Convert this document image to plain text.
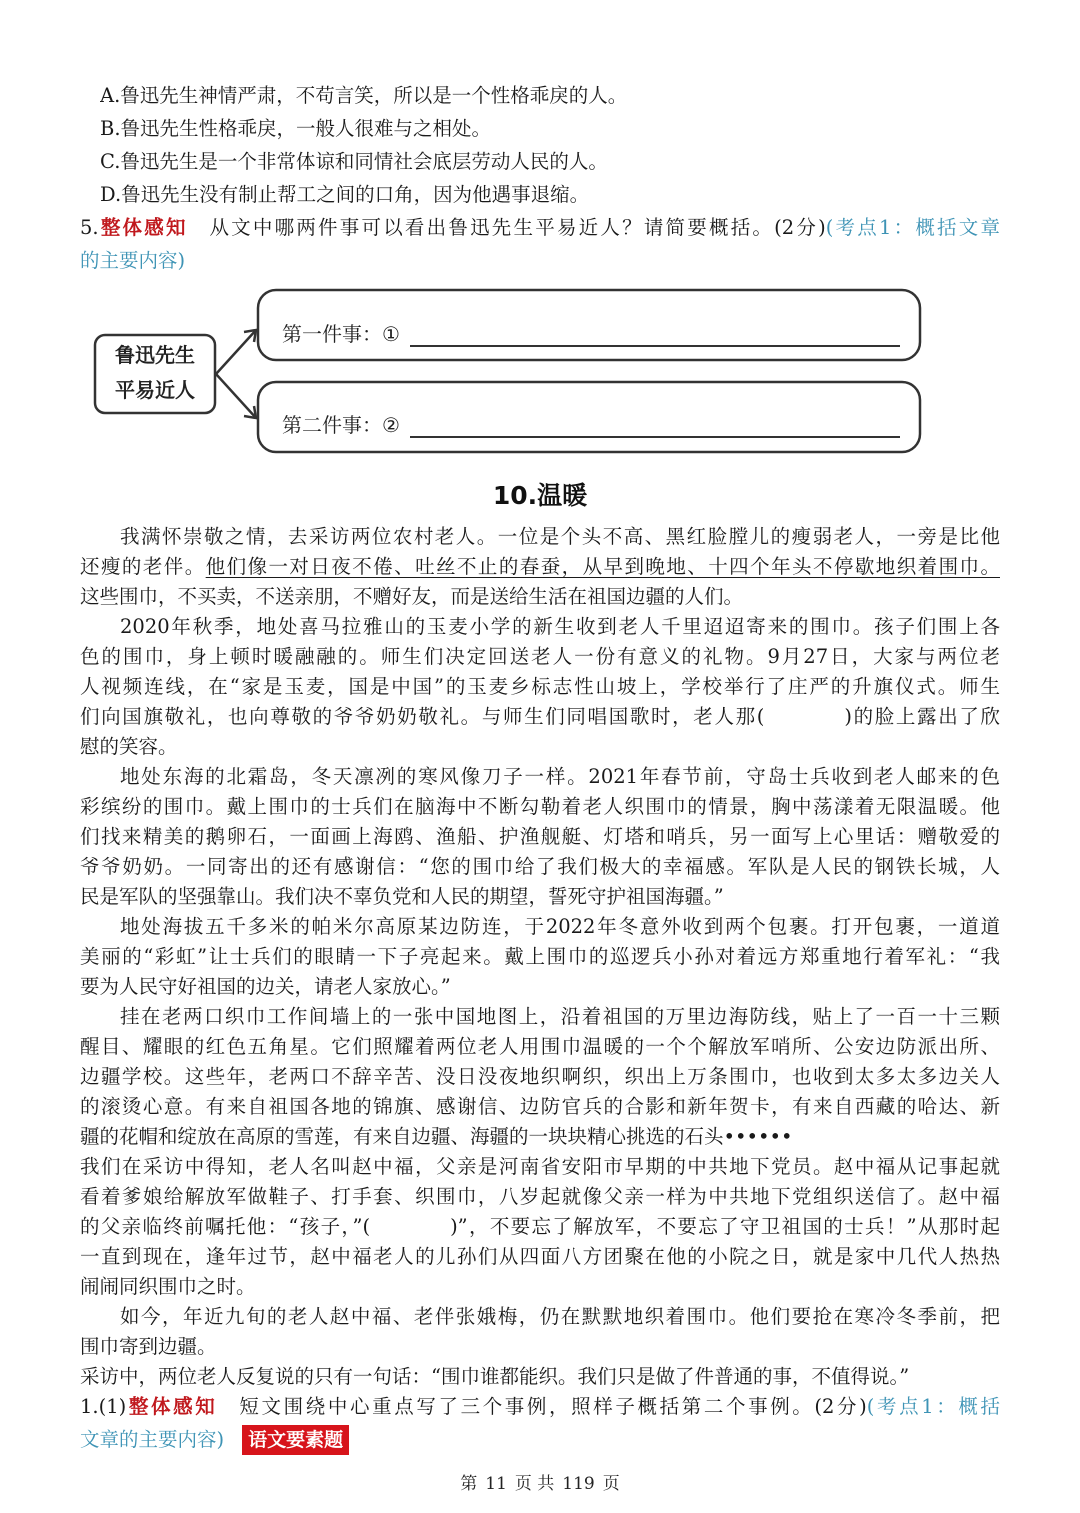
A.鲁迅先生神情严肃，不苟言笑，所以是一个性格乖戾的人。
B.鲁迅先生性格乖戾，一般人很难与之相处。
C.鲁迅先生是一个非常体谅和同情社会底层劳动人民的人。
D.鲁迅先生没有制止帮工之间的口角，因为他遇事退缩。
5.整体感知　从文中哪两件事可以看出鲁迅先生平易近人？请简要概括。(2分)(考点1：概括文章
的主要内容)
鲁迅先生
平易近人
第一件事：①
第二件事：②
10.温暖
我满怀崇敬之情，去采访两位农村老人。一位是个头不高、黑红脸膛儿的瘦弱老人，一旁是比他
还瘦的老伴。他们像一对日夜不倦、吐丝不止的春蚕，从早到晚地、十四个年头不停歇地织着围巾。
这些围巾，不买卖，不送亲朋，不赠好友，而是送给生活在祖国边疆的人们。
2020年秋季，地处喜马拉雅山的玉麦小学的新生收到老人千里迢迢寄来的围巾。孩子们围上各
色的围巾，身上顿时暖融融的。师生们决定回送老人一份有意义的礼物。9月27日，大家与两位老
人视频连线，在“家是玉麦，国是中国”的玉麦乡标志性山坡上，学校举行了庄严的升旗仪式。师生
们向国旗敬礼，也向尊敬的爷爷奶奶敬礼。与师生们同唱国歌时，老人那(	)的脸上露出了欣
慰的笑容。
地处东海的北霜岛，冬天凛冽的寒风像刀子一样。2021年春节前，守岛士兵收到老人邮来的色
彩缤纷的围巾。戴上围巾的士兵们在脑海中不断勾勒着老人织围巾的情景，胸中荡漾着无限温暖。他
们找来精美的鹅卵石，一面画上海鸥、渔船、护渔舰艇、灯塔和哨兵，另一面写上心里话：赠敬爱的
爷爷奶奶。一同寄出的还有感谢信：“您的围巾给了我们极大的幸福感。军队是人民的钢铁长城，人
民是军队的坚强靠山。我们决不辜负党和人民的期望，誓死守护祖国海疆。”
地处海拔五千多米的帕米尔高原某边防连，于2022年冬意外收到两个包裹。打开包裹，一道道
美丽的“彩虹”让士兵们的眼睛一下子亮起来。戴上围巾的巡逻兵小孙对着远方郑重地行着军礼：“我
要为人民守好祖国的边关，请老人家放心。”
挂在老两口织巾工作间墙上的一张中国地图上，沿着祖国的万里边海防线，贴上了一百一十三颗
醒目、耀眼的红色五角星。它们照耀着两位老人用围巾温暖的一个个解放军哨所、公安边防派出所、
边疆学校。这些年，老两口不辞辛苦、没日没夜地织啊织，织出上万条围巾，也收到太多太多边关人
的滚烫心意。有来自祖国各地的锦旗、感谢信、边防官兵的合影和新年贺卡，有来自西藏的哈达、新
疆的花帽和绽放在高原的雪莲，有来自边疆、海疆的一块块精心挑选的石头••••••
我们在采访中得知，老人名叫赵中福，父亲是河南省安阳市早期的中共地下党员。赵中福从记事起就
看着爹娘给解放军做鞋子、打手套、织围巾，八岁起就像父亲一样为中共地下党组织送信了。赵中福
的父亲临终前嘱托他：“孩子，”(	)”，不要忘了解放军，不要忘了守卫祖国的士兵！”从那时起
一直到现在，逢年过节，赵中福老人的儿孙们从四面八方团聚在他的小院之日，就是家中几代人热热
闹闹同织围巾之时。
如今，年近九旬的老人赵中福、老伴张娥梅，仍在默默地织着围巾。他们要抢在寒冷冬季前，把
围巾寄到边疆。
采访中，两位老人反复说的只有一句话：“围巾谁都能织。我们只是做了件普通的事，不值得说。”
第 11 页 共 119 页
1.(1)整体感知　短文围绕中心重点写了三个事例，照样子概括第二个事例。(2分)(考点1：概括
文章的主要内容) 语文要素题
